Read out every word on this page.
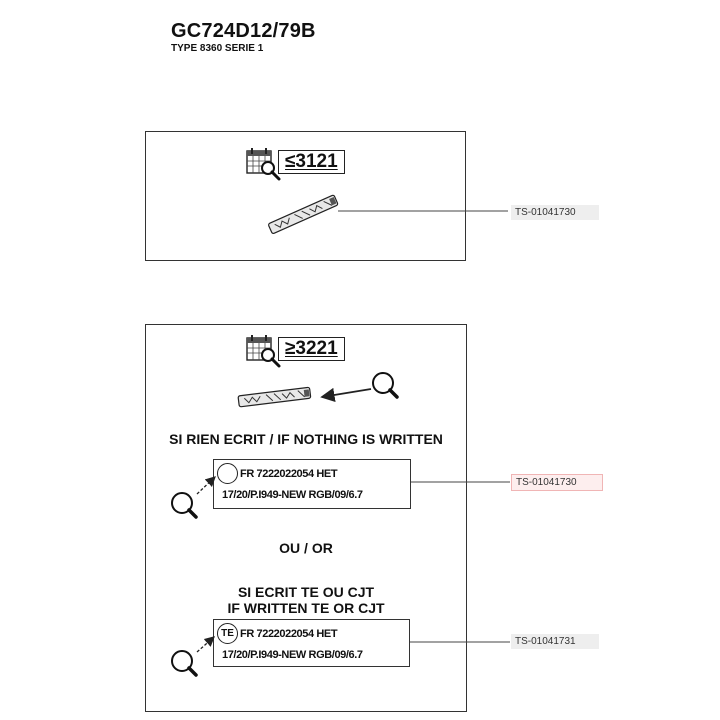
GC724D12/79B
TYPE 8360 SERIE 1
≤3121
TS-01041730
≥3221
SI RIEN ECRIT / IF NOTHING IS WRITTEN
FR 7222022054 HET
17/20/P.I949-NEW RGB/09/6.7
TS-01041730
OU / OR
SI ECRIT TE OU CJT
IF WRITTEN TE OR CJT
TE FR 7222022054 HET
17/20/P.I949-NEW RGB/09/6.7
TS-01041731
